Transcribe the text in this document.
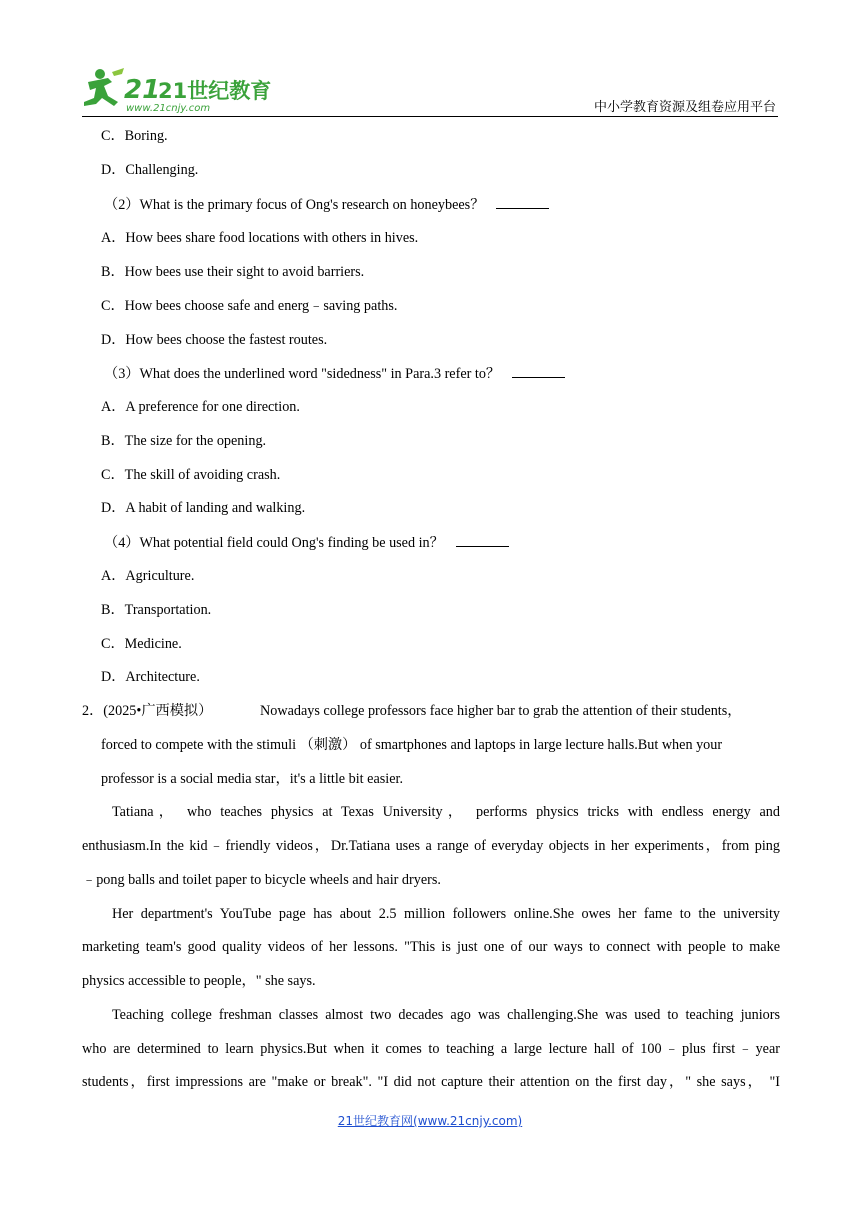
21
21世纪教育
www.21cnjy.com	中小学教育资源及组卷应用平台
C．Boring.
D．Challenging.
（2）What is the primary focus of Ong's research on honeybees？
A．How bees share food locations with others in hives.
B．How bees use their sight to avoid barriers.
C．How bees choose safe and energ﹣saving paths.
D．How bees choose the fastest routes.
（3）What does the underlined word "sidedness" in Para.3 refer to？
A．A preference for one direction.
B．The size for the opening.
C．The skill of avoiding crash.
D．A habit of landing and walking.
（4）What potential field could Ong's finding be used in？
A．Agriculture.
B．Transportation.
C．Medicine.
D．Architecture.
2．(2025•广西模拟）	Nowadays college professors face higher bar to grab the attention of their students，
forced to compete with the stimuli （刺激） of smartphones and laptops in large lecture halls.But when your
professor is a social media star，it's a little bit easier.
Tatiana， who teaches physics at Texas University， performs physics tricks with endless energy and
enthusiasm.In the kid﹣friendly videos，Dr.Tatiana uses a range of everyday objects in her experiments，from ping
﹣pong balls and toilet paper to bicycle wheels and hair dryers.
Her department's YouTube page has about 2.5 million followers online.She owes her fame to the university
marketing team's good quality videos of her lessons. "This is just one of our ways to connect with people to make
physics accessible to people，" she says.
Teaching college freshman classes almost two decades ago was challenging.She was used to teaching juniors
who are determined to learn physics.But when it comes to teaching a large lecture hall of 100﹣plus first﹣year
students，first impressions are "make or break". "I did not capture their attention on the first day，" she says， "I
21世纪教育网(www.21cnjy.com)
